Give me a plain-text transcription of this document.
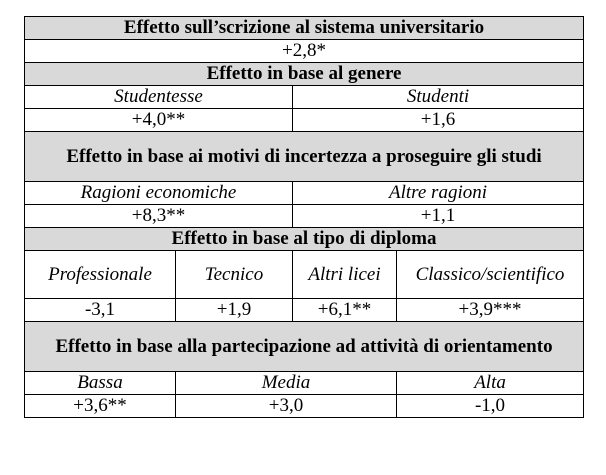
Effetto sull’scrizione al sistema universitario			
+2,8*			
Effetto in base al genere			
Studentesse		Studenti	
+4,0**		+1,6	
Effetto in base ai motivi di incertezza a proseguire gli studi			
Ragioni economiche		Altre ragioni	
+8,3**		+1,1	
Effetto in base al tipo di diploma			
Professionale	Tecnico	Altri licei	Classico/scientifico
-3,1	+1,9	+6,1**	+3,9***
Effetto in base alla partecipazione ad attività di orientamento			
Bassa	Media		Alta
+3,6**	+3,0		-1,0
